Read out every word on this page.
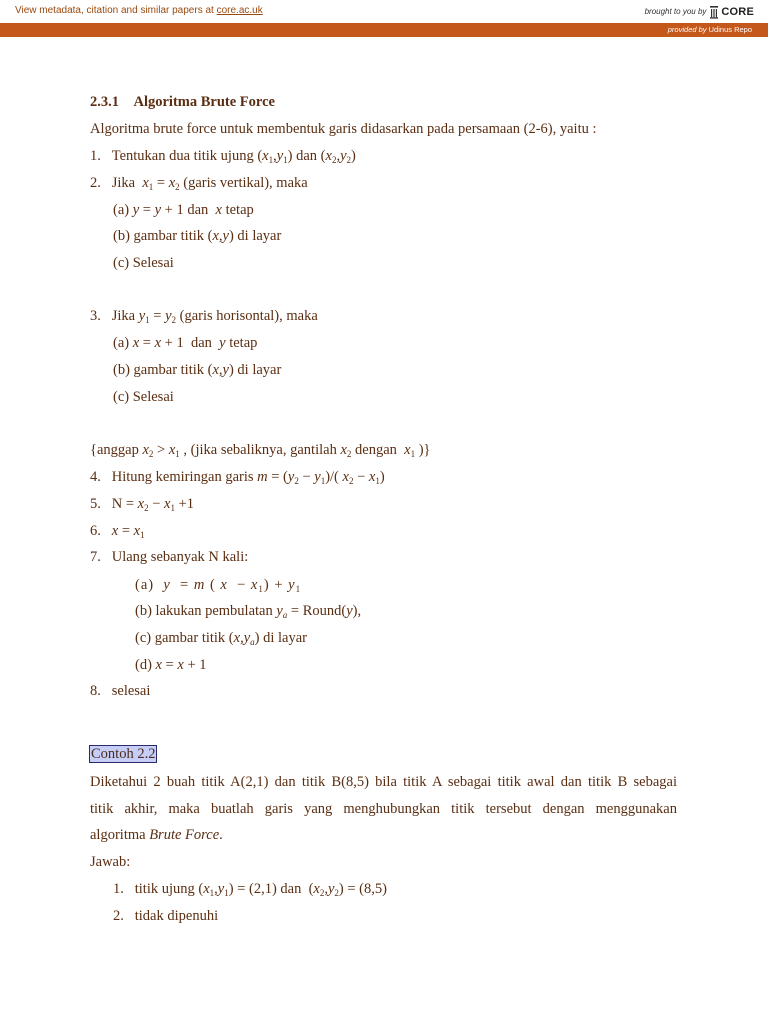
View metadata, citation and similar papers at core.ac.uk	brought to you by CORE
provided by Udinus Repo
2.3.1 Algoritma Brute Force
Algoritma brute force untuk membentuk garis didasarkan pada persamaan (2-6), yaitu :
1.   Tentukan dua titik ujung $(x_1,y_1)$ dan $(x_2,y_2)$
2.   Jika  $x_1 = x_2$ (garis vertikal), maka
(a) y = y + 1 dan  x tetap
(b) gambar titik (x,y) di layar
(c) Selesai
3.   Jika $y_1 = y_2$ (garis horisontal), maka
(a) x = x + 1  dan  y tetap
(b) gambar titik (x,y) di layar
(c) Selesai
{anggap $x_2 > x_1$ , (jika sebaliknya, gantilah $x_2$ dengan  $x_1$ )}
4.   Hitung kemiringan garis $m = (y_2 - y_1)/$( $x_2 - x_1$)
5.   $N = x_2 - x_1 +1$
6. $x = x_1$
7. Ulang sebanyak N kali:
(a) y  = m ( $x - x_1) + y_1$
(b) lakukan pembulatan $y_a$ = Round(y),
(c) gambar titik $(x,y_a)$ di layar
(d) x = x + 1
8. selesai
Contoh 2.2
Diketahui 2 buah titik A(2,1) dan titik B(8,5) bila titik A sebagai titik awal dan titik B sebagai
titik akhir, maka buatlah garis yang menghubungkan titik tersebut dengan menggunakan
algoritma Brute Force.
Jawab:
1.   titik ujung $(x_1,y_1) = (2,1)$ dan  $(x_2,y_2) = (8,5)$
2. tidak dipenuhi
